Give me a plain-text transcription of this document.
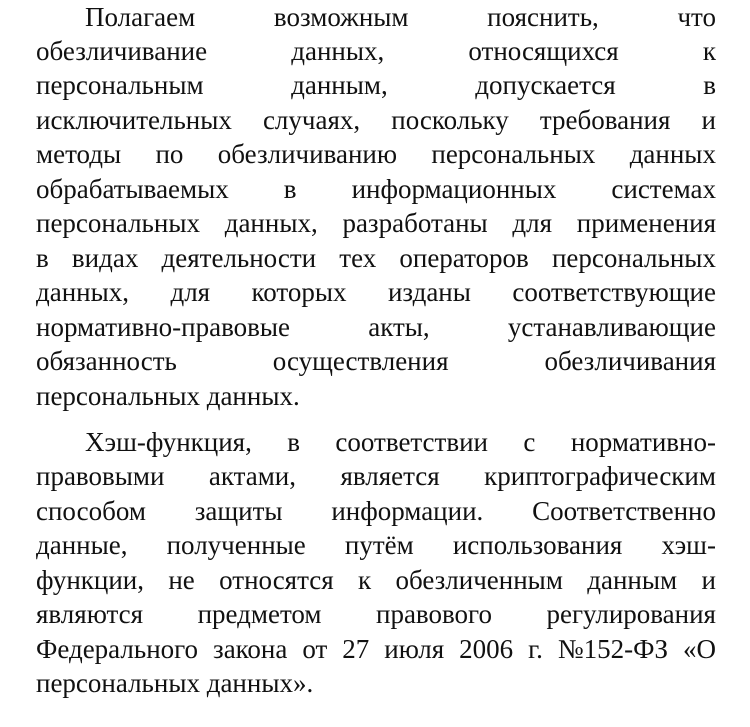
Полагаем	возможным	пояснить,	что
обезличивание	данных,	относящихся	к
персональным	данным,	допускается	в
исключительных случаях, поскольку требования и
методы по обезличиванию персональных данных
обрабатываемых в информационных системах
персональных данных, разработаны для применения
в видах деятельности тех операторов персональных
данных, для которых изданы соответствующие
нормативно-правовые	акты,	устанавливающие
обязанность	осуществления	обезличивания
персональных данных.
Хэш-функция, в соответствии с нормативно-
правовыми актами, является криптографическим
способом защиты информации. Соответственно
данные, полученные путём использования хэш-
функции, не относятся к обезличенным данным и
являются предметом правового регулирования
Федерального закона от 27 июля 2006 г. №152-ФЗ «О
персональных данных».
